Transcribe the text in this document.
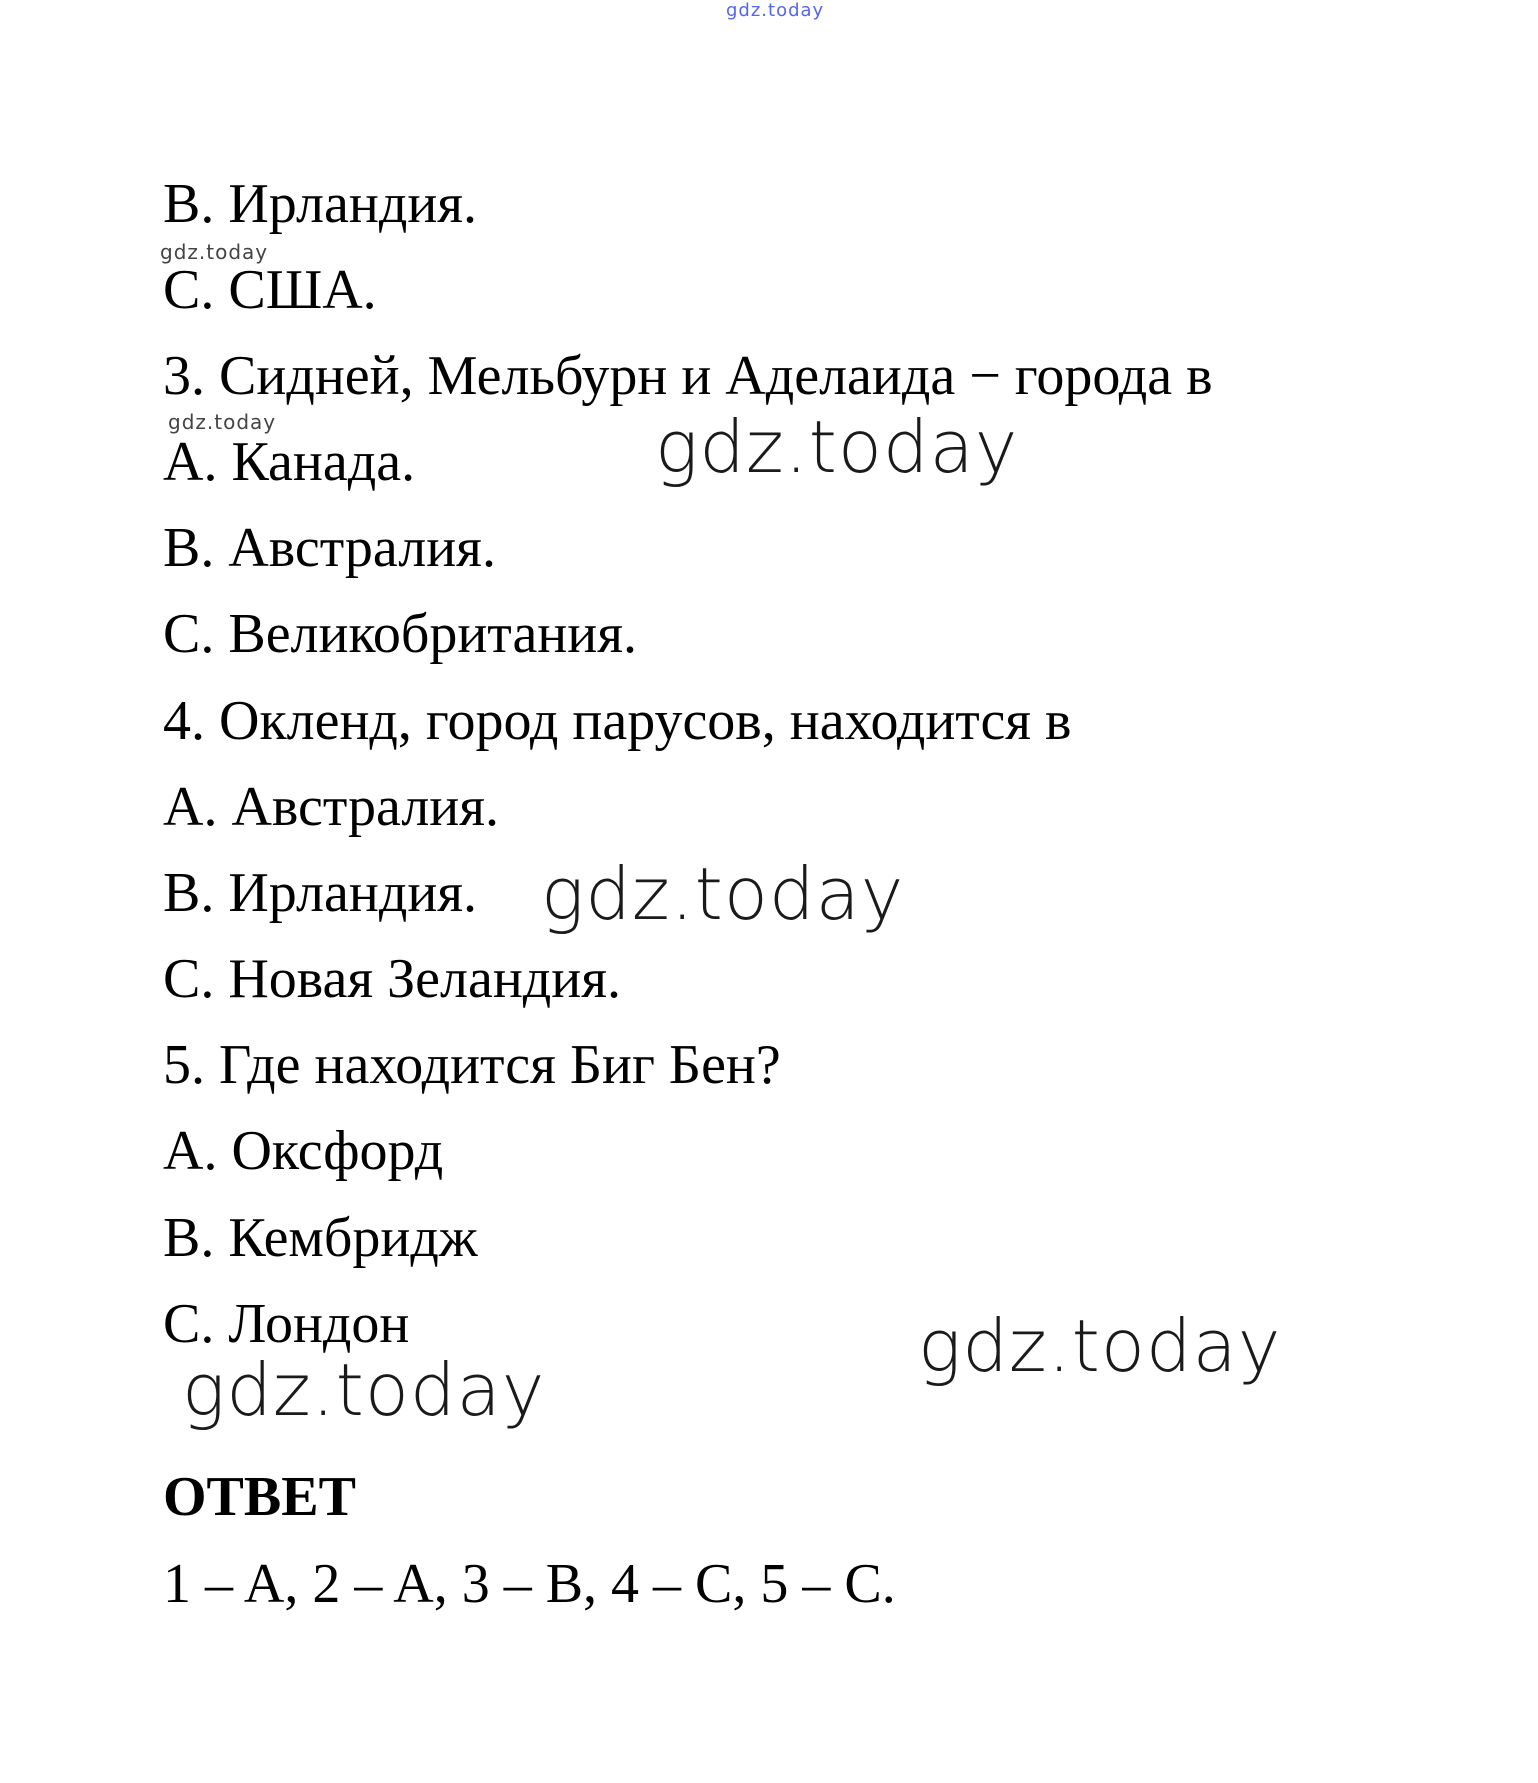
gdz.today
B. Ирландия.
gdz.today
C. США.
3. Сидней, Мельбурн и Аделаида − города в
gdz.today
A. Канада.	gdz.today
B. Австралия.
C. Великобритания.
4. Окленд, город парусов, находится в
A. Австралия.
B. Ирландия. gdz.today
C. Новая Зеландия.
5. Где находится Биг Бен?
A. Оксфорд
B. Кембридж
C. Лондон	gdz.today
gdz.today
ОТВЕТ
1 – A, 2 – A, 3 – B, 4 – C, 5 – C.
